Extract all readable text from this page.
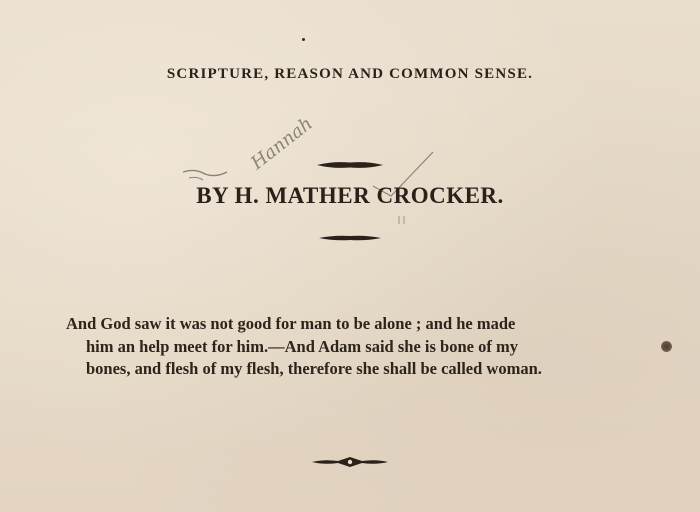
SCRIPTURE, REASON AND COMMON SENSE.
Hannah
BY H. MATHER CROCKER.
And God saw it was not good for man to be alone ; and he made
him an help meet for him.—And Adam said she is bone of my
bones, and flesh of my flesh, therefore she shall be called woman.
